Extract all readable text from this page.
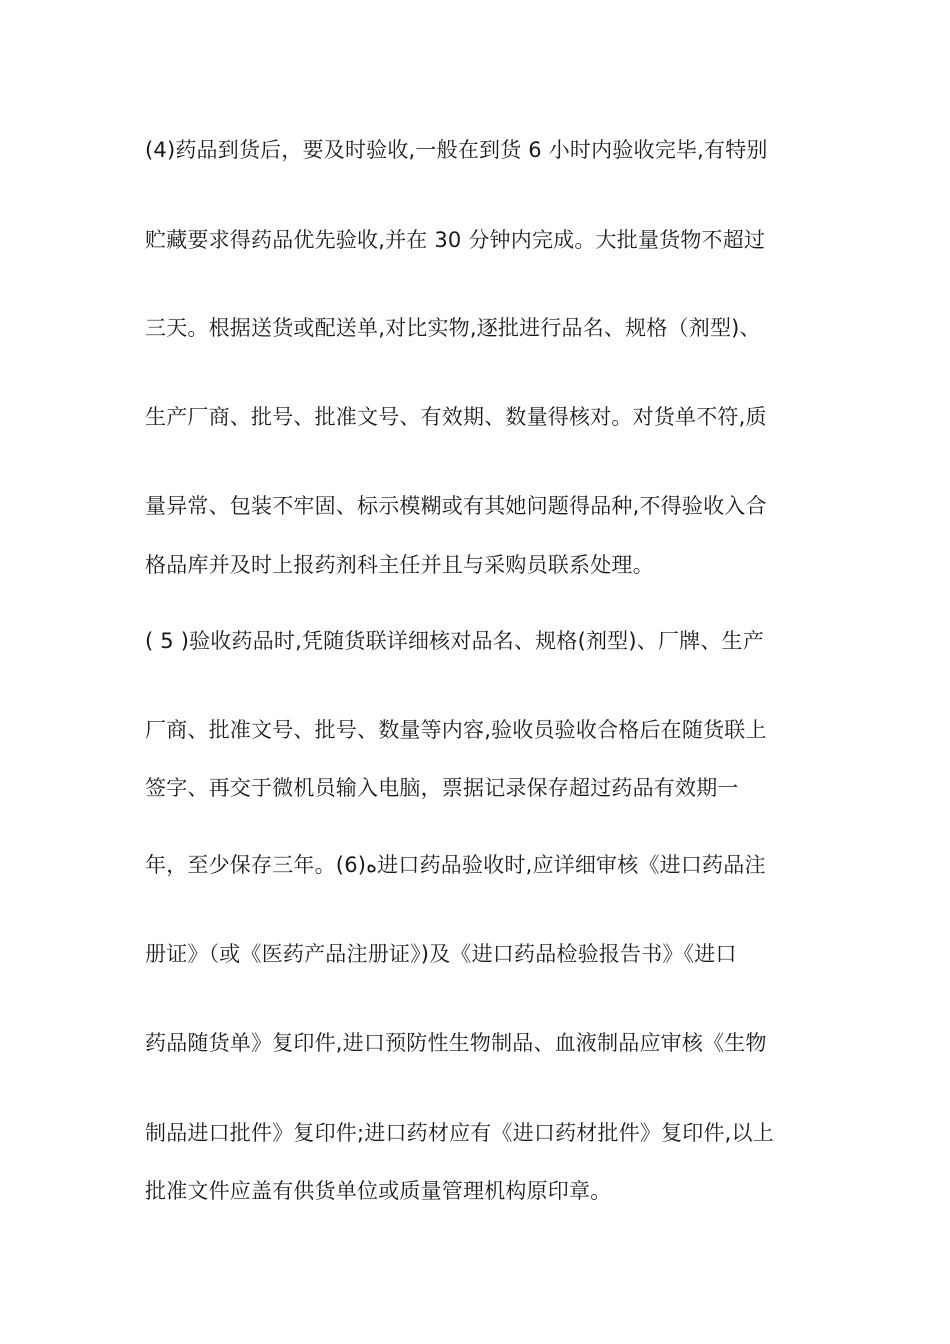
(4)药品到货后，要及时验收,一般在到货 6 小时内验收完毕,有特别
贮藏要求得药品优先验收,并在 30 分钟内完成。大批量货物不超过
三天。根据送货或配送单,对比实物,逐批进行品名、规格（剂型)、
生产厂商、批号、批准文号、有效期、数量得核对。对货单不符,质
量异常、包装不牢固、标示模糊或有其她问题得品种,不得验收入合
格品库并及时上报药剂科主任并且与采购员联系处理。
( 5 )验收药品时,凭随货联详细核对品名、规格(剂型)、厂牌、生产
厂商、批准文号、批号、数量等内容,验收员验收合格后在随货联上
签字、再交于微机员输入电脑，票据记录保存超过药品有效期一
年，至少保存三年。(6)ﻩ进口药品验收时,应详细审核《进口药品注
册证》（或《医药产品注册证》)及《进口药品检验报告书》《进口
药品随货单》复印件,进口预防性生物制品、血液制品应审核《生物
制品进口批件》复印件;进口药材应有《进口药材批件》复印件,以上
批准文件应盖有供货单位或质量管理机构原印章。
